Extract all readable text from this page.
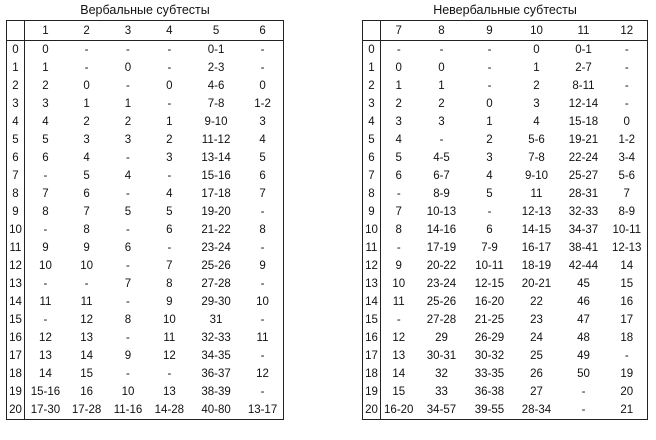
Вербальные субтесты
	1	2	3	4	5	6
0	0	-	-	-	0-1	-
1	1	-	0	-	2-3	-
2	2	0	-	0	4-6	0
3	3	1	1	-	7-8	1-2
4	4	2	2	1	9-10	3
5	5	3	3	2	11-12	4
6	6	4	-	3	13-14	5
7	-	5	4	-	15-16	6
8	7	6	-	4	17-18	7
9	8	7	5	5	19-20	-
10	-	8	-	6	21-22	8
11	9	9	6	-	23-24	-
12	10	10	-	7	25-26	9
13	-	-	7	8	27-28	-
14	11	11	-	9	29-30	10
15	-	12	8	10	31	-
16	12	13	-	11	32-33	11
17	13	14	9	12	34-35	-
18	14	15	-	-	36-37	12
19	15-16	16	10	13	38-39	-
20	17-30	17-28	11-16	14-28	40-80	13-17
Невербальные субтесты
	7	8	9	10	11	12
0	-	-	-	0	0-1	-
1	0	0	-	1	2-7	-
2	1	1	-	2	8-11	-
3	2	2	0	3	12-14	-
4	3	3	1	4	15-18	0
5	4	-	2	5-6	19-21	1-2
6	5	4-5	3	7-8	22-24	3-4
7	6	6-7	4	9-10	25-27	5-6
8	-	8-9	5	11	28-31	7
9	7	10-13	-	12-13	32-33	8-9
10	8	14-16	6	14-15	34-37	10-11
11	-	17-19	7-9	16-17	38-41	12-13
12	9	20-22	10-11	18-19	42-44	14
13	10	23-24	12-15	20-21	45	15
14	11	25-26	16-20	22	46	16
15	-	27-28	21-25	23	47	17
16	12	29	26-29	24	48	18
17	13	30-31	30-32	25	49	-
18	14	32	33-35	26	50	19
19	15	33	36-38	27	-	20
20	16-20	34-57	39-55	28-34	-	21
